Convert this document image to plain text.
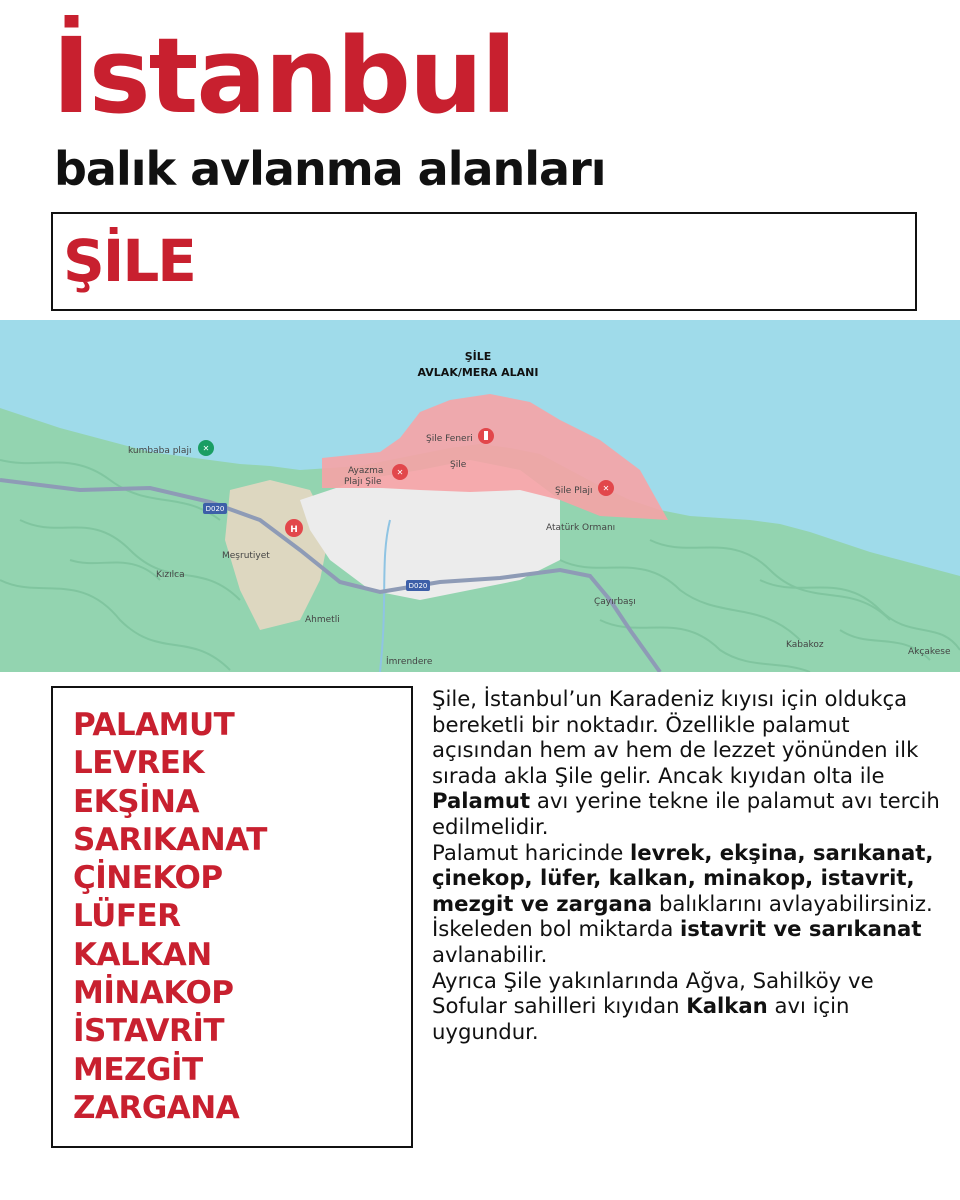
İstanbul
balık avlanma alanları
ŞİLE
D020
D020
ŞİLE
AVLAK/MERA ALANI
✕
kumbaba plajı
Şile Feneri
Şile
✕
Ayazma
Plajı Şile
✕
Şile Plajı
Atatürk Ormanı
H
Meşrutiyet
Kızılca
Ahmetli
Çayırbaşı
İmrendere
Kabakoz
Akçakese
PALAMUT
LEVREK
EKŞİNA
SARIKANAT
ÇİNEKOP
LÜFER
KALKAN
MİNAKOP
İSTAVRİT
MEZGİT
ZARGANA

Şile, İstanbul’un Karadeniz kıyısı için oldukça bereketli bir noktadır. Özellikle palamut açısından hem av hem de lezzet yönünden ilk sırada akla Şile gelir. Ancak kıyıdan olta ile Palamut avı yerine tekne ile palamut avı tercih edilmelidir.

Palamut haricinde levrek, ekşina, sarıkanat, çinekop, lüfer, kalkan, minakop, istavrit, mezgit ve zargana balıklarını avlayabilirsiniz.

İskeleden bol miktarda istavrit ve sarıkanat avlanabilir.

Ayrıca Şile yakınlarında Ağva, Sahilköy ve Sofular sahilleri kıyıdan Kalkan avı için uygundur.
